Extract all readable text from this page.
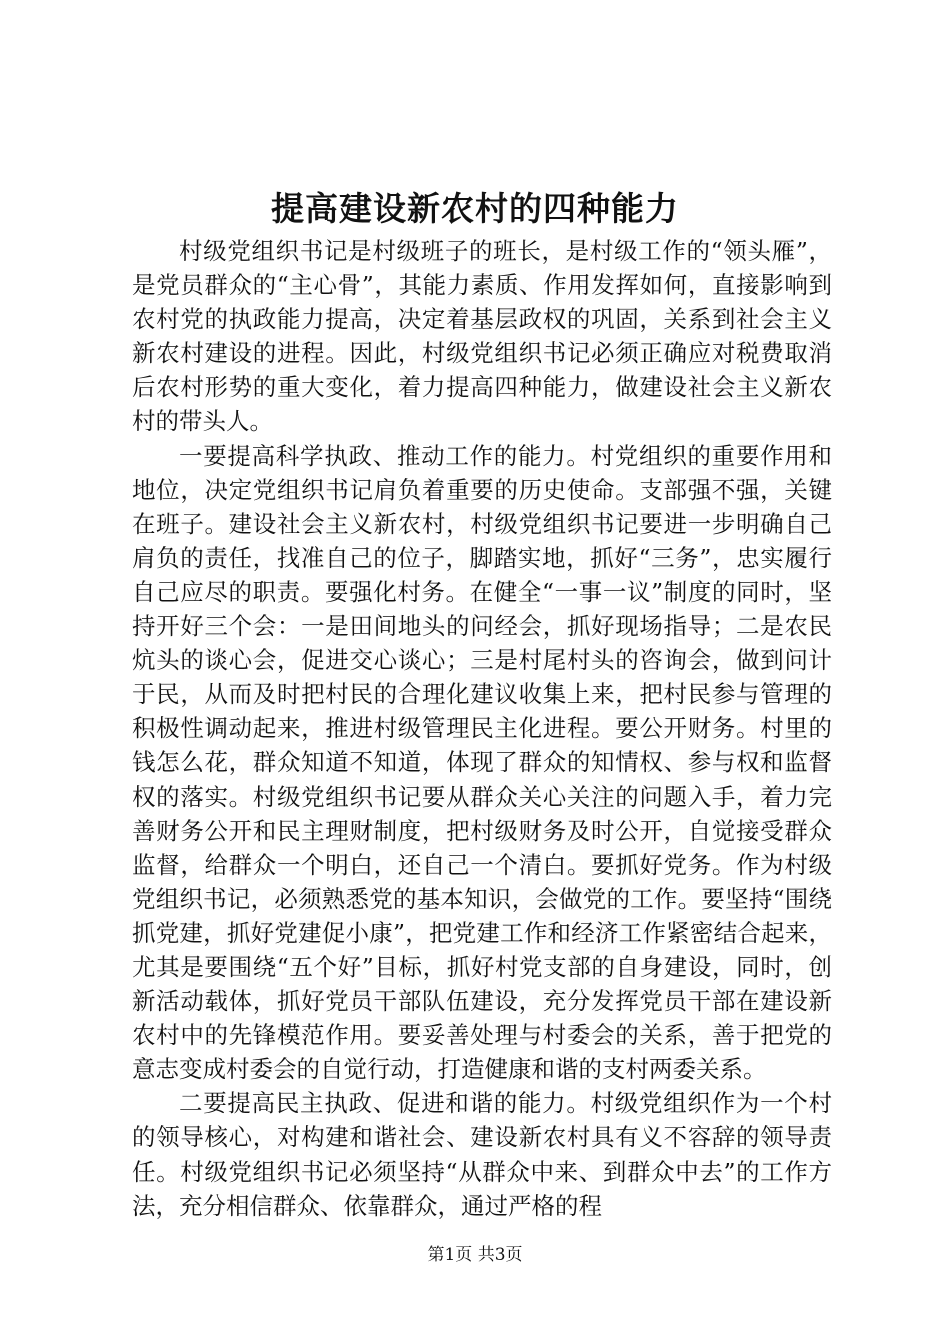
提高建设新农村的四种能力

村级党组织书记是村级班子的班长，是村级工作的“领头雁”，是党员群众的“主心骨”，其能力素质、作用发挥如何，直接影响到农村党的执政能力提高，决定着基层政权的巩固，关系到社会主义新农村建设的进程。因此，村级党组织书记必须正确应对税费取消后农村形势的重大变化，着力提高四种能力，做建设社会主义新农村的带头人。

一要提高科学执政、推动工作的能力。村党组织的重要作用和地位，决定党组织书记肩负着重要的历史使命。支部强不强，关键在班子。建设社会主义新农村，村级党组织书记要进一步明确自己肩负的责任，找准自己的位子，脚踏实地，抓好“三务”，忠实履行自己应尽的职责。要强化村务。在健全“一事一议”制度的同时，坚持开好三个会：一是田间地头的问经会，抓好现场指导；二是农民炕头的谈心会，促进交心谈心；三是村尾村头的咨询会，做到问计于民，从而及时把村民的合理化建议收集上来，把村民参与管理的积极性调动起来，推进村级管理民主化进程。要公开财务。村里的钱怎么花，群众知道不知道，体现了群众的知情权、参与权和监督权的落实。村级党组织书记要从群众关心关注的问题入手，着力完善财务公开和民主理财制度，把村级财务及时公开，自觉接受群众监督，给群众一个明白，还自己一个清白。要抓好党务。作为村级党组织书记，必须熟悉党的基本知识，会做党的工作。要坚持“围绕抓党建，抓好党建促小康”，把党建工作和经济工作紧密结合起来，尤其是要围绕“五个好”目标，抓好村党支部的自身建设，同时，创新活动载体，抓好党员干部队伍建设，充分发挥党员干部在建设新农村中的先锋模范作用。要妥善处理与村委会的关系，善于把党的意志变成村委会的自觉行动，打造健康和谐的支村两委关系。

二要提高民主执政、促进和谐的能力。村级党组织作为一个村的领导核心，对构建和谐社会、建设新农村具有义不容辞的领导责任。村级党组织书记必须坚持“从群众中来、到群众中去”的工作方法，充分相信群众、依靠群众，通过严格的程

第1页 共3页
